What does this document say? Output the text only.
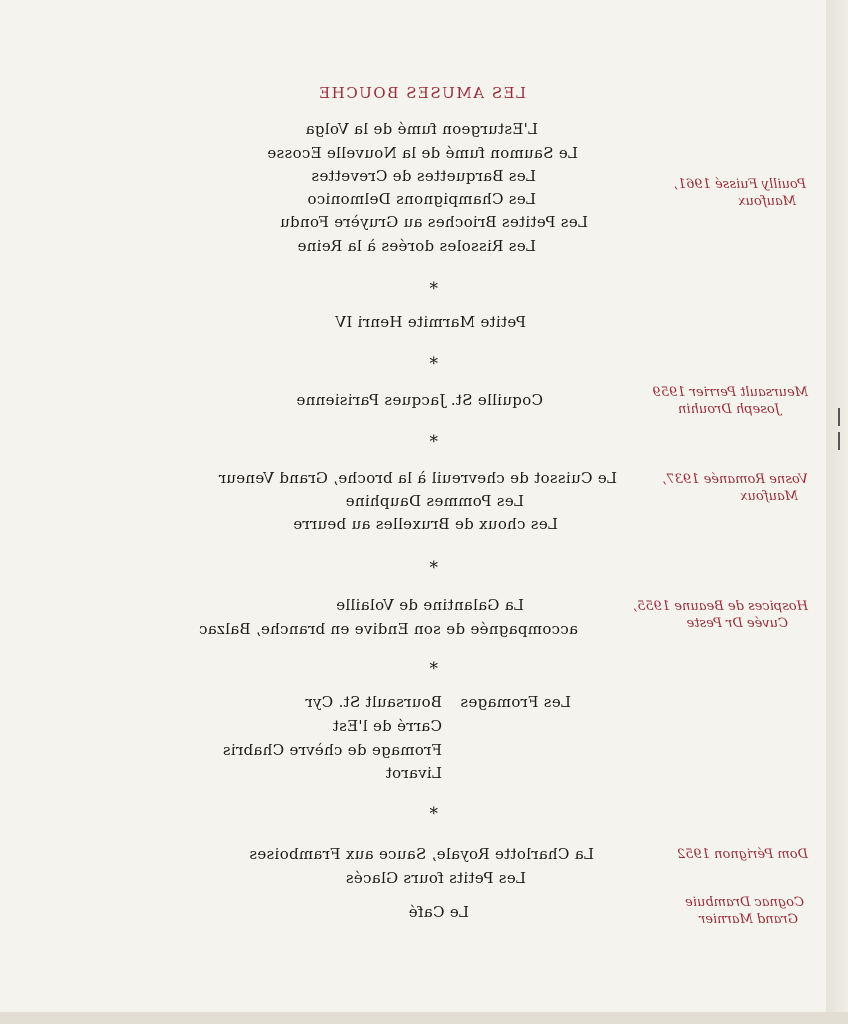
LES AMUSES BOUCHE
L'Esturgeon fumé de la Volga
Le Saumon fumé de la Nouvelle Ecosse
Les Barquettes de Crevettes
Les Champignons Delmonico
Les Petites Brioches au Gruyère Fondu
Les Rissoles dorées à la Reine
*
Petite Marmite Henri IV
*
Coquille St. Jacques Parisienne
*
Le Cuissot de chevreuil à la broche, Grand Veneur
Les Pommes Dauphine
Les choux de Bruxelles au beurre
*
La Galantine de Volaille
accompagnée de son Endive en branche, Balzac
*
Les Fromages
Boursault St. Cyr
Carré de l'Est
Fromage de chèvre Chabris
Livarot
*
La Charlotte Royale, Sauce aux Framboises
Les Petits fours Glacés
Le Café
Pouilly Fuissé 1961,
Maufoux
Meursault Perrier 1959
Joseph Drouhin
Vosne Romanée 1937,
Maufoux
Hospices de Beaune 1955,
Cuvée Dr Peste
Dom Pérignon 1952
Cognac Drambuie
Grand Marnier
